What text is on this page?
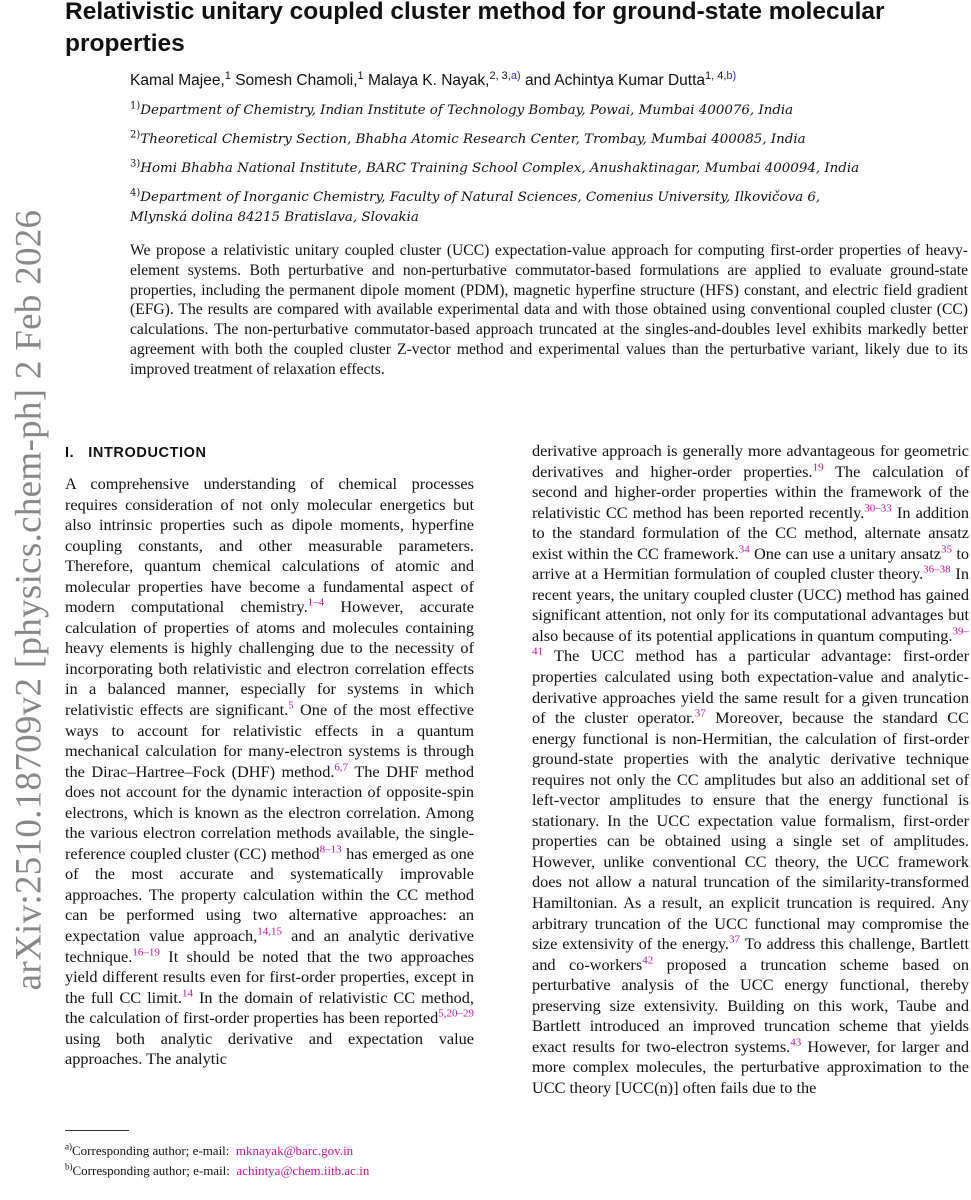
arXiv:2510.18709v2 [physics.chem-ph] 2 Feb 2026
Relativistic unitary coupled cluster method for ground-state molecular properties
Kamal Majee,$^1$ Somesh Chamoli,$^1$ Malaya K. Nayak,$^{2, 3,a)}$ and Achintya Kumar Dutta$^{1, 4,b)}$
$^{1)}$Department of Chemistry, Indian Institute of Technology Bombay, Powai, Mumbai 400076, India
$^{2)}$Theoretical Chemistry Section, Bhabha Atomic Research Center, Trombay, Mumbai 400085, India
$^{3)}$Homi Bhabha National Institute, BARC Training School Complex, Anushaktinagar, Mumbai 400094, India
$^{4)}$Department of Inorganic Chemistry, Faculty of Natural Sciences, Comenius University, Ilkovičova 6,
Mlynská dolina 84215 Bratislava, Slovakia

We propose a relativistic unitary coupled cluster (UCC) expectation-value approach for computing first-order properties of heavy-element systems. Both perturbative and non-perturbative commutator-based formulations are applied to evaluate ground-state properties, including the permanent dipole moment (PDM), magnetic hyperfine structure (HFS) constant, and electric field gradient (EFG). The results are compared with available experimental data and with those obtained using conventional coupled cluster (CC) calculations. The non-perturbative commutator-based approach truncated at the singles-and-doubles level exhibits markedly better agreement with both the coupled cluster Z-vector method and experimental values than the perturbative variant, likely due to its improved treatment of relaxation effects.

I. INTRODUCTION

A comprehensive understanding of chemical processes requires consideration of not only molecular energetics but also intrinsic properties such as dipole moments, hyperfine coupling constants, and other measurable parameters. Therefore, quantum chemical calculations of atomic and molecular properties have become a fundamental aspect of modern computational chemistry.$^{1-4}$ However, accurate calculation of properties of atoms and molecules containing heavy elements is highly challenging due to the necessity of incorporating both relativistic and electron correlation effects in a balanced manner, especially for systems in which relativistic effects are significant.$^5$ One of the most effective ways to account for relativistic effects in a quantum mechanical calculation for many-electron systems is through the Dirac–Hartree–Fock (DHF) method.$^{6,7}$ The DHF method does not account for the dynamic interaction of opposite-spin electrons, which is known as the electron correlation. Among the various electron correlation methods available, the single-reference coupled cluster (CC) method$^{8-13}$ has emerged as one of the most accurate and systematically improvable approaches. The property calculation within the CC method can be performed using two alternative approaches: an expectation value approach,$^{14,15}$ and an analytic derivative technique.$^{16-19}$ It should be noted that the two approaches yield different results even for first-order properties, except in the full CC limit.$^{14}$ In the domain of relativistic CC method, the calculation of first-order properties has been reported$^{5,20-29}$ using both analytic derivative and expectation value approaches. The analytic

derivative approach is generally more advantageous for geometric derivatives and higher-order properties.$^{19}$ The calculation of second and higher-order properties within the framework of the relativistic CC method has been reported recently.$^{30-33}$ In addition to the standard formulation of the CC method, alternate ansatz exist within the CC framework.$^{34}$ One can use a unitary ansatz$^{35}$ to arrive at a Hermitian formulation of coupled cluster theory.$^{36-38}$ In recent years, the unitary coupled cluster (UCC) method has gained significant attention, not only for its computational advantages but also because of its potential applications in quantum computing.$^{39-41}$ The UCC method has a particular advantage: first-order properties calculated using both expectation-value and analytic-derivative approaches yield the same result for a given truncation of the cluster operator.$^{37}$ Moreover, because the standard CC energy functional is non-Hermitian, the calculation of first-order ground-state properties with the analytic derivative technique requires not only the CC amplitudes but also an additional set of left-vector amplitudes to ensure that the energy functional is stationary. In the UCC expectation value formalism, first-order properties can be obtained using a single set of amplitudes. However, unlike conventional CC theory, the UCC framework does not allow a natural truncation of the similarity-transformed Hamiltonian. As a result, an explicit truncation is required. Any arbitrary truncation of the UCC functional may compromise the size extensivity of the energy.$^{37}$ To address this challenge, Bartlett and co-workers$^{42}$ proposed a truncation scheme based on perturbative analysis of the UCC energy functional, thereby preserving size extensivity. Building on this work, Taube and Bartlett introduced an improved truncation scheme that yields exact results for two-electron systems.$^{43}$ However, for larger and more complex molecules, the perturbative approximation to the UCC theory [UCC(n)] often fails due to the

$^{a)}$Corresponding author; e-mail: mknayak@barc.gov.in
$^{b)}$Corresponding author; e-mail: achintya@chem.iitb.ac.in
